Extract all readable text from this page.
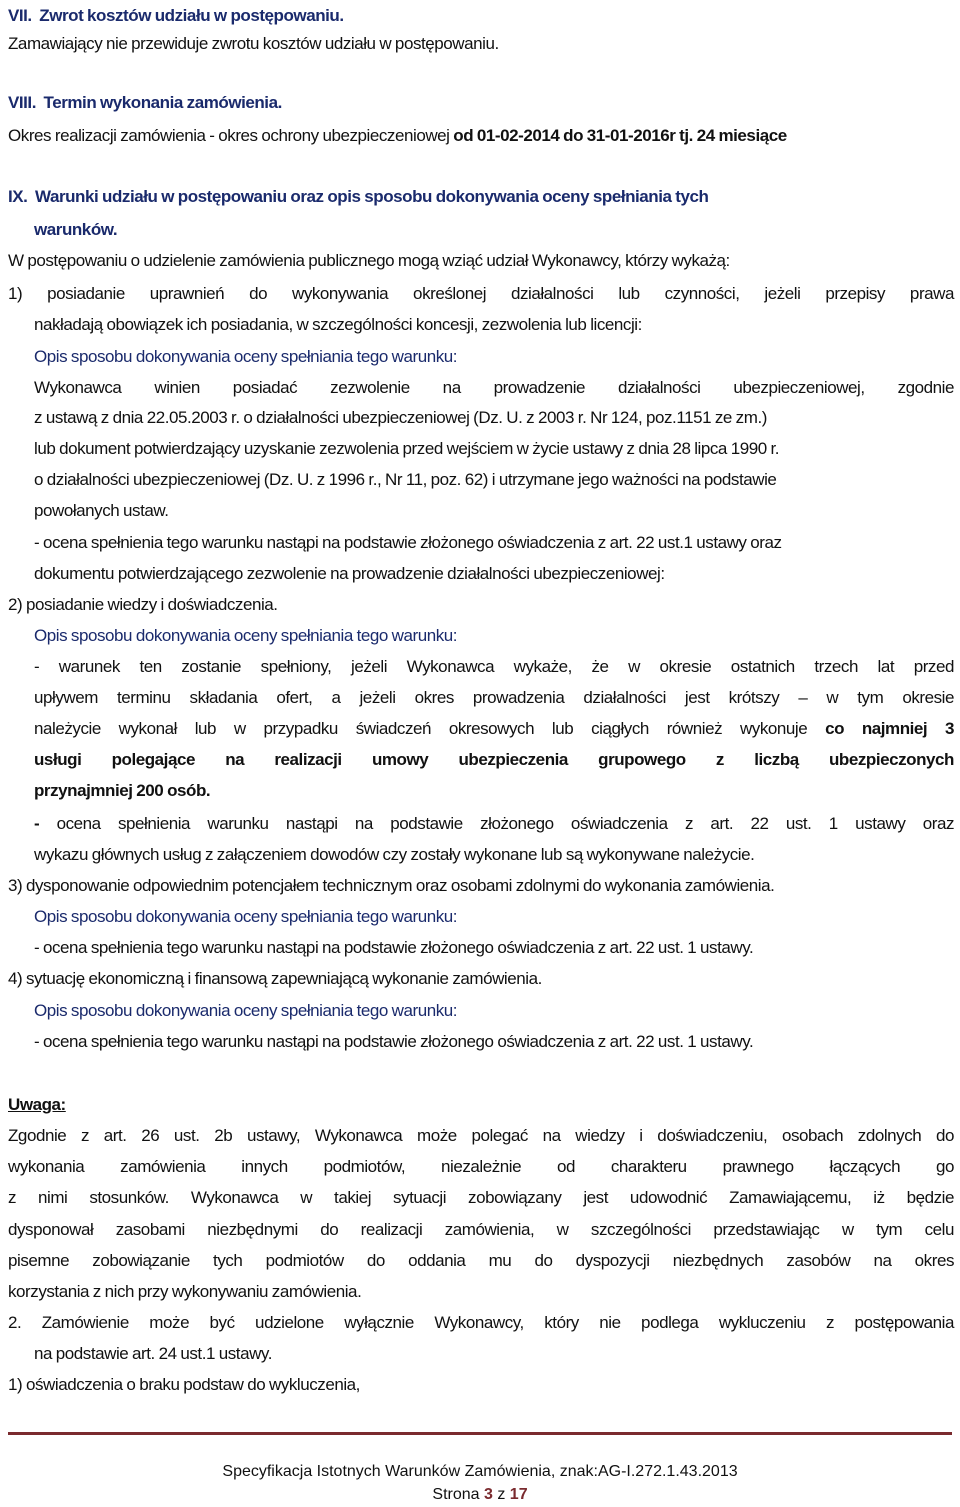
VII. Zwrot kosztów udziału w postępowaniu.
Zamawiający nie przewiduje zwrotu kosztów udziału w postępowaniu.
VIII. Termin wykonania zamówienia.
Okres realizacji zamówienia - okres ochrony ubezpieczeniowej od 01-02-2014 do 31-01-2016r tj. 24 miesiące
IX. Warunki udziału w postępowaniu oraz opis sposobu dokonywania oceny spełniania tych
warunków.
W postępowaniu o udzielenie zamówienia publicznego mogą wziąć udział Wykonawcy, którzy wykażą:
1) posiadanie uprawnień do wykonywania określonej działalności lub czynności, jeżeli przepisy prawa
nakładają obowiązek ich posiadania, w szczególności koncesji, zezwolenia lub licencji:
Opis sposobu dokonywania oceny spełniania tego warunku:
Wykonawca winien posiadać zezwolenie na prowadzenie działalności ubezpieczeniowej, zgodnie
z ustawą z dnia 22.05.2003 r. o działalności ubezpieczeniowej (Dz. U. z 2003 r. Nr 124, poz.1151 ze zm.)
lub dokument potwierdzający uzyskanie zezwolenia przed wejściem w życie ustawy z dnia 28 lipca 1990 r.
o działalności ubezpieczeniowej (Dz. U. z 1996 r., Nr 11, poz. 62) i utrzymane jego ważności na podstawie
powołanych ustaw.
- ocena spełnienia tego warunku nastąpi na podstawie złożonego oświadczenia z art. 22 ust.1 ustawy oraz
dokumentu potwierdzającego zezwolenie na prowadzenie działalności ubezpieczeniowej:
2) posiadanie wiedzy i doświadczenia.
Opis sposobu dokonywania oceny spełniania tego warunku:
- warunek ten zostanie spełniony, jeżeli Wykonawca wykaże, że w okresie ostatnich trzech lat przed
upływem terminu składania ofert, a jeżeli okres prowadzenia działalności jest krótszy – w tym okresie
należycie wykonał lub w przypadku świadczeń okresowych lub ciągłych również wykonuje co najmniej 3
usługi polegające na realizacji umowy ubezpieczenia grupowego z liczbą ubezpieczonych
przynajmniej 200 osób.
- ocena spełnienia warunku nastąpi na podstawie złożonego oświadczenia z art. 22 ust. 1 ustawy oraz
wykazu głównych usług z załączeniem dowodów czy zostały wykonane lub są wykonywane należycie.
3) dysponowanie odpowiednim potencjałem technicznym oraz osobami zdolnymi do wykonania zamówienia.
Opis sposobu dokonywania oceny spełniania tego warunku:
- ocena spełnienia tego warunku nastąpi na podstawie złożonego oświadczenia z art. 22 ust. 1 ustawy.
4) sytuację ekonomiczną i finansową zapewniającą wykonanie zamówienia.
Opis sposobu dokonywania oceny spełniania tego warunku:
- ocena spełnienia tego warunku nastąpi na podstawie złożonego oświadczenia z art. 22 ust. 1 ustawy.
Uwaga:
Zgodnie z art. 26 ust. 2b ustawy, Wykonawca może polegać na wiedzy i doświadczeniu, osobach zdolnych do
wykonania zamówienia innych podmiotów, niezależnie od charakteru prawnego łączących go
z nimi stosunków. Wykonawca w takiej sytuacji zobowiązany jest udowodnić Zamawiającemu, iż będzie
dysponował zasobami niezbędnymi do realizacji zamówienia, w szczególności przedstawiając w tym celu
pisemne zobowiązanie tych podmiotów do oddania mu do dyspozycji niezbędnych zasobów na okres
korzystania z nich przy wykonywaniu zamówienia.
2. Zamówienie może być udzielone wyłącznie Wykonawcy, który nie podlega wykluczeniu z postępowania
na podstawie art. 24 ust.1 ustawy.
1) oświadczenia o braku podstaw do wykluczenia,
Specyfikacja Istotnych Warunków Zamówienia, znak:AG-I.272.1.43.2013
Strona 3 z 17
